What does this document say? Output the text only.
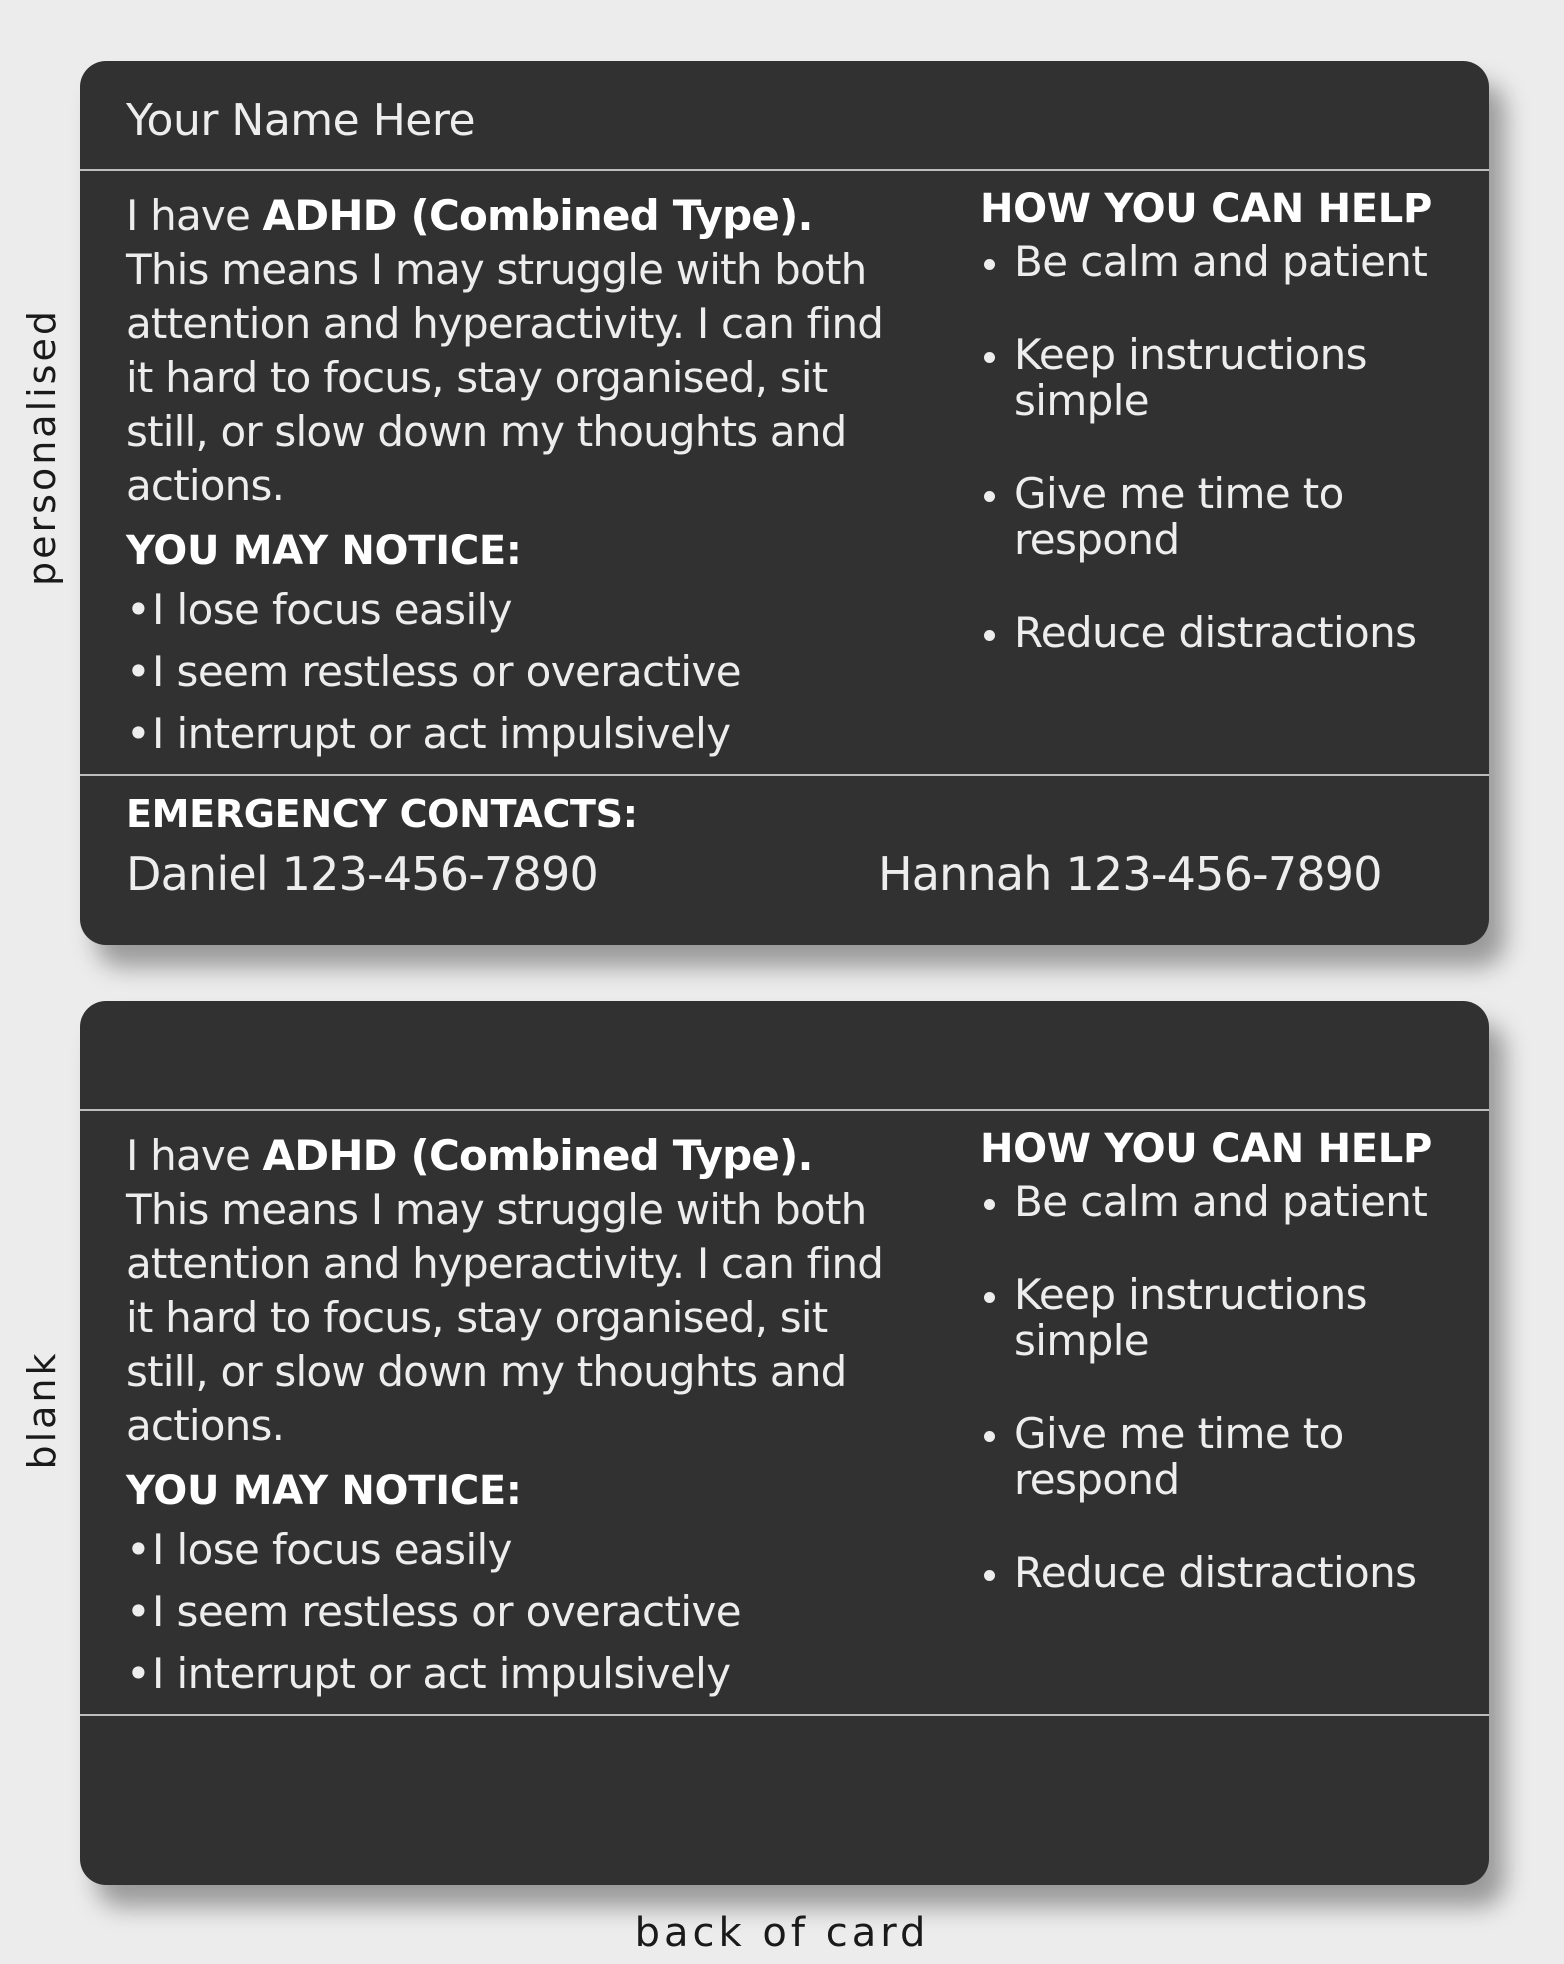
personalised
blank
Your Name Here
I have ADHD (Combined Type). This means I may struggle with both attention and hyperactivity. I can find it hard to focus, stay organised, sit still, or slow down my thoughts and actions.
YOU MAY NOTICE:
•I lose focus easily
•I seem restless or overactive
•I interrupt or act impulsively
HOW YOU CAN HELP
Be calm and patient
Keep instructions simple
Give me time to respond
Reduce distractions
EMERGENCY CONTACTS:
Daniel 123-456-7890	Hannah 123-456-7890
I have ADHD (Combined Type). This means I may struggle with both attention and hyperactivity. I can find it hard to focus, stay organised, sit still, or slow down my thoughts and actions.
YOU MAY NOTICE:
•I lose focus easily
•I seem restless or overactive
•I interrupt or act impulsively
HOW YOU CAN HELP
Be calm and patient
Keep instructions simple
Give me time to respond
Reduce distractions
back of card
